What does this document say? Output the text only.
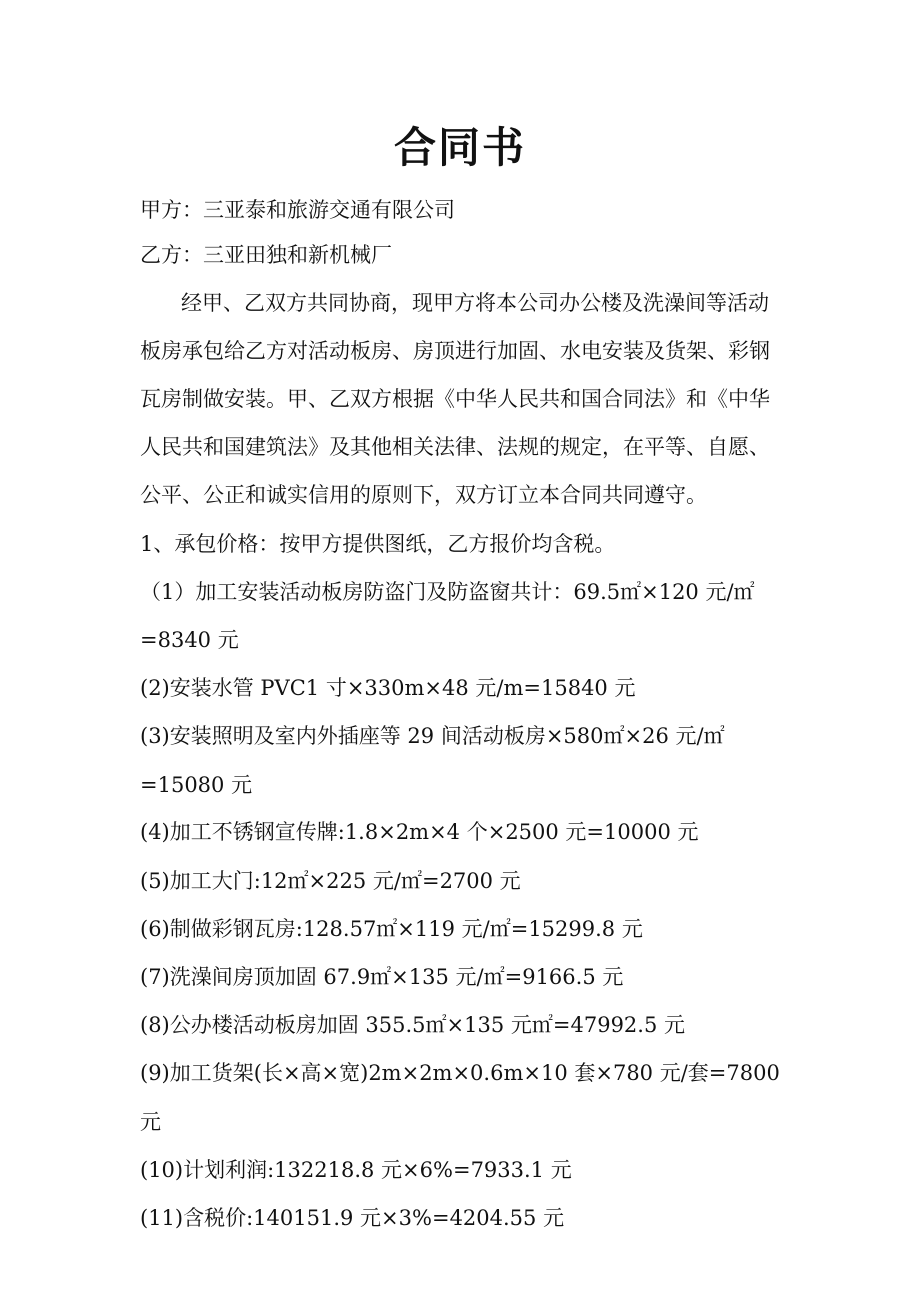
合同书
甲方：三亚泰和旅游交通有限公司
乙方：三亚田独和新机械厂
经甲、乙双方共同协商，现甲方将本公司办公楼及洗澡间等活动
板房承包给乙方对活动板房、房顶进行加固、水电安装及货架、彩钢
瓦房制做安装。甲、乙双方根据《中华人民共和国合同法》和《中华
人民共和国建筑法》及其他相关法律、法规的规定，在平等、自愿、
公平、公正和诚实信用的原则下，双方订立本合同共同遵守。
1、承包价格：按甲方提供图纸，乙方报价均含税。
（1）加工安装活动板房防盗门及防盗窗共计：69.5㎡×120 元/㎡
=8340 元
(2)安装水管 PVC1 寸×330m×48 元/m=15840 元
(3)安装照明及室内外插座等 29 间活动板房×580㎡×26 元/㎡
=15080 元
(4)加工不锈钢宣传牌:1.8×2m×4 个×2500 元=10000 元
(5)加工大门:12㎡×225 元/㎡=2700 元
(6)制做彩钢瓦房:128.57㎡×119 元/㎡=15299.8 元
(7)洗澡间房顶加固 67.9㎡×135 元/㎡=9166.5 元
(8)公办楼活动板房加固 355.5㎡×135 元㎡=47992.5 元
(9)加工货架(长×高×宽)2m×2m×0.6m×10 套×780 元/套=7800
元
(10)计划利润:132218.8 元×6%=7933.1 元
(11)含税价:140151.9 元×3%=4204.55 元
